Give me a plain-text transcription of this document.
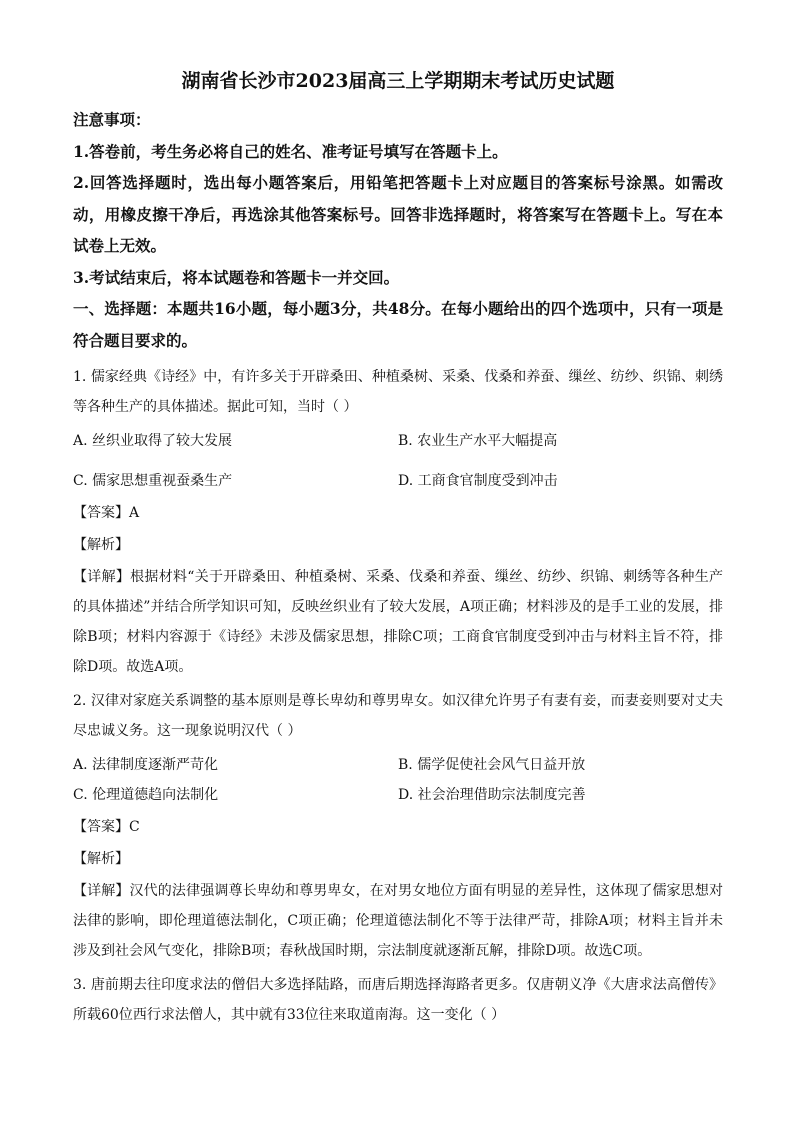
湖南省长沙市2023届高三上学期期末考试历史试题

注意事项：

1.答卷前，考生务必将自己的姓名、准考证号填写在答题卡上。

2.回答选择题时，选出每小题答案后，用铅笔把答题卡上对应题目的答案标号涂黑。如需改动，用橡皮擦干净后，再选涂其他答案标号。回答非选择题时，将答案写在答题卡上。写在本试卷上无效。

3.考试结束后，将本试题卷和答题卡一并交回。

一、选择题：本题共16小题，每小题3分，共48分。在每小题给出的四个选项中，只有一项是符合题目要求的。

1. 儒家经典《诗经》中，有许多关于开辟桑田、种植桑树、采桑、伐桑和养蚕、缫丝、纺纱、织锦、刺绣等各种生产的具体描述。据此可知，当时（ ）

A. 丝织业取得了较大发展	B. 农业生产水平大幅提高
C. 儒家思想重视蚕桑生产	D. 工商食官制度受到冲击

【答案】A

【解析】

【详解】根据材料“关于开辟桑田、种植桑树、采桑、伐桑和养蚕、缫丝、纺纱、织锦、刺绣等各种生产的具体描述”并结合所学知识可知，反映丝织业有了较大发展，A项正确；材料涉及的是手工业的发展，排除B项；材料内容源于《诗经》未涉及儒家思想，排除C项；工商食官制度受到冲击与材料主旨不符，排除D项。故选A项。

2. 汉律对家庭关系调整的基本原则是尊长卑幼和尊男卑女。如汉律允许男子有妻有妾，而妻妾则要对丈夫尽忠诚义务。这一现象说明汉代（ ）

A. 法律制度逐渐严苛化	B. 儒学促使社会风气日益开放
C. 伦理道德趋向法制化	D. 社会治理借助宗法制度完善

【答案】C

【解析】

【详解】汉代的法律强调尊长卑幼和尊男卑女，在对男女地位方面有明显的差异性，这体现了儒家思想对法律的影响，即伦理道德法制化，C项正确；伦理道德法制化不等于法律严苛，排除A项；材料主旨并未涉及到社会风气变化，排除B项；春秋战国时期，宗法制度就逐渐瓦解，排除D项。故选C项。

3. 唐前期去往印度求法的僧侣大多选择陆路，而唐后期选择海路者更多。仅唐朝义净《大唐求法高僧传》所载60位西行求法僧人，其中就有33位往来取道南海。这一变化（ ）
